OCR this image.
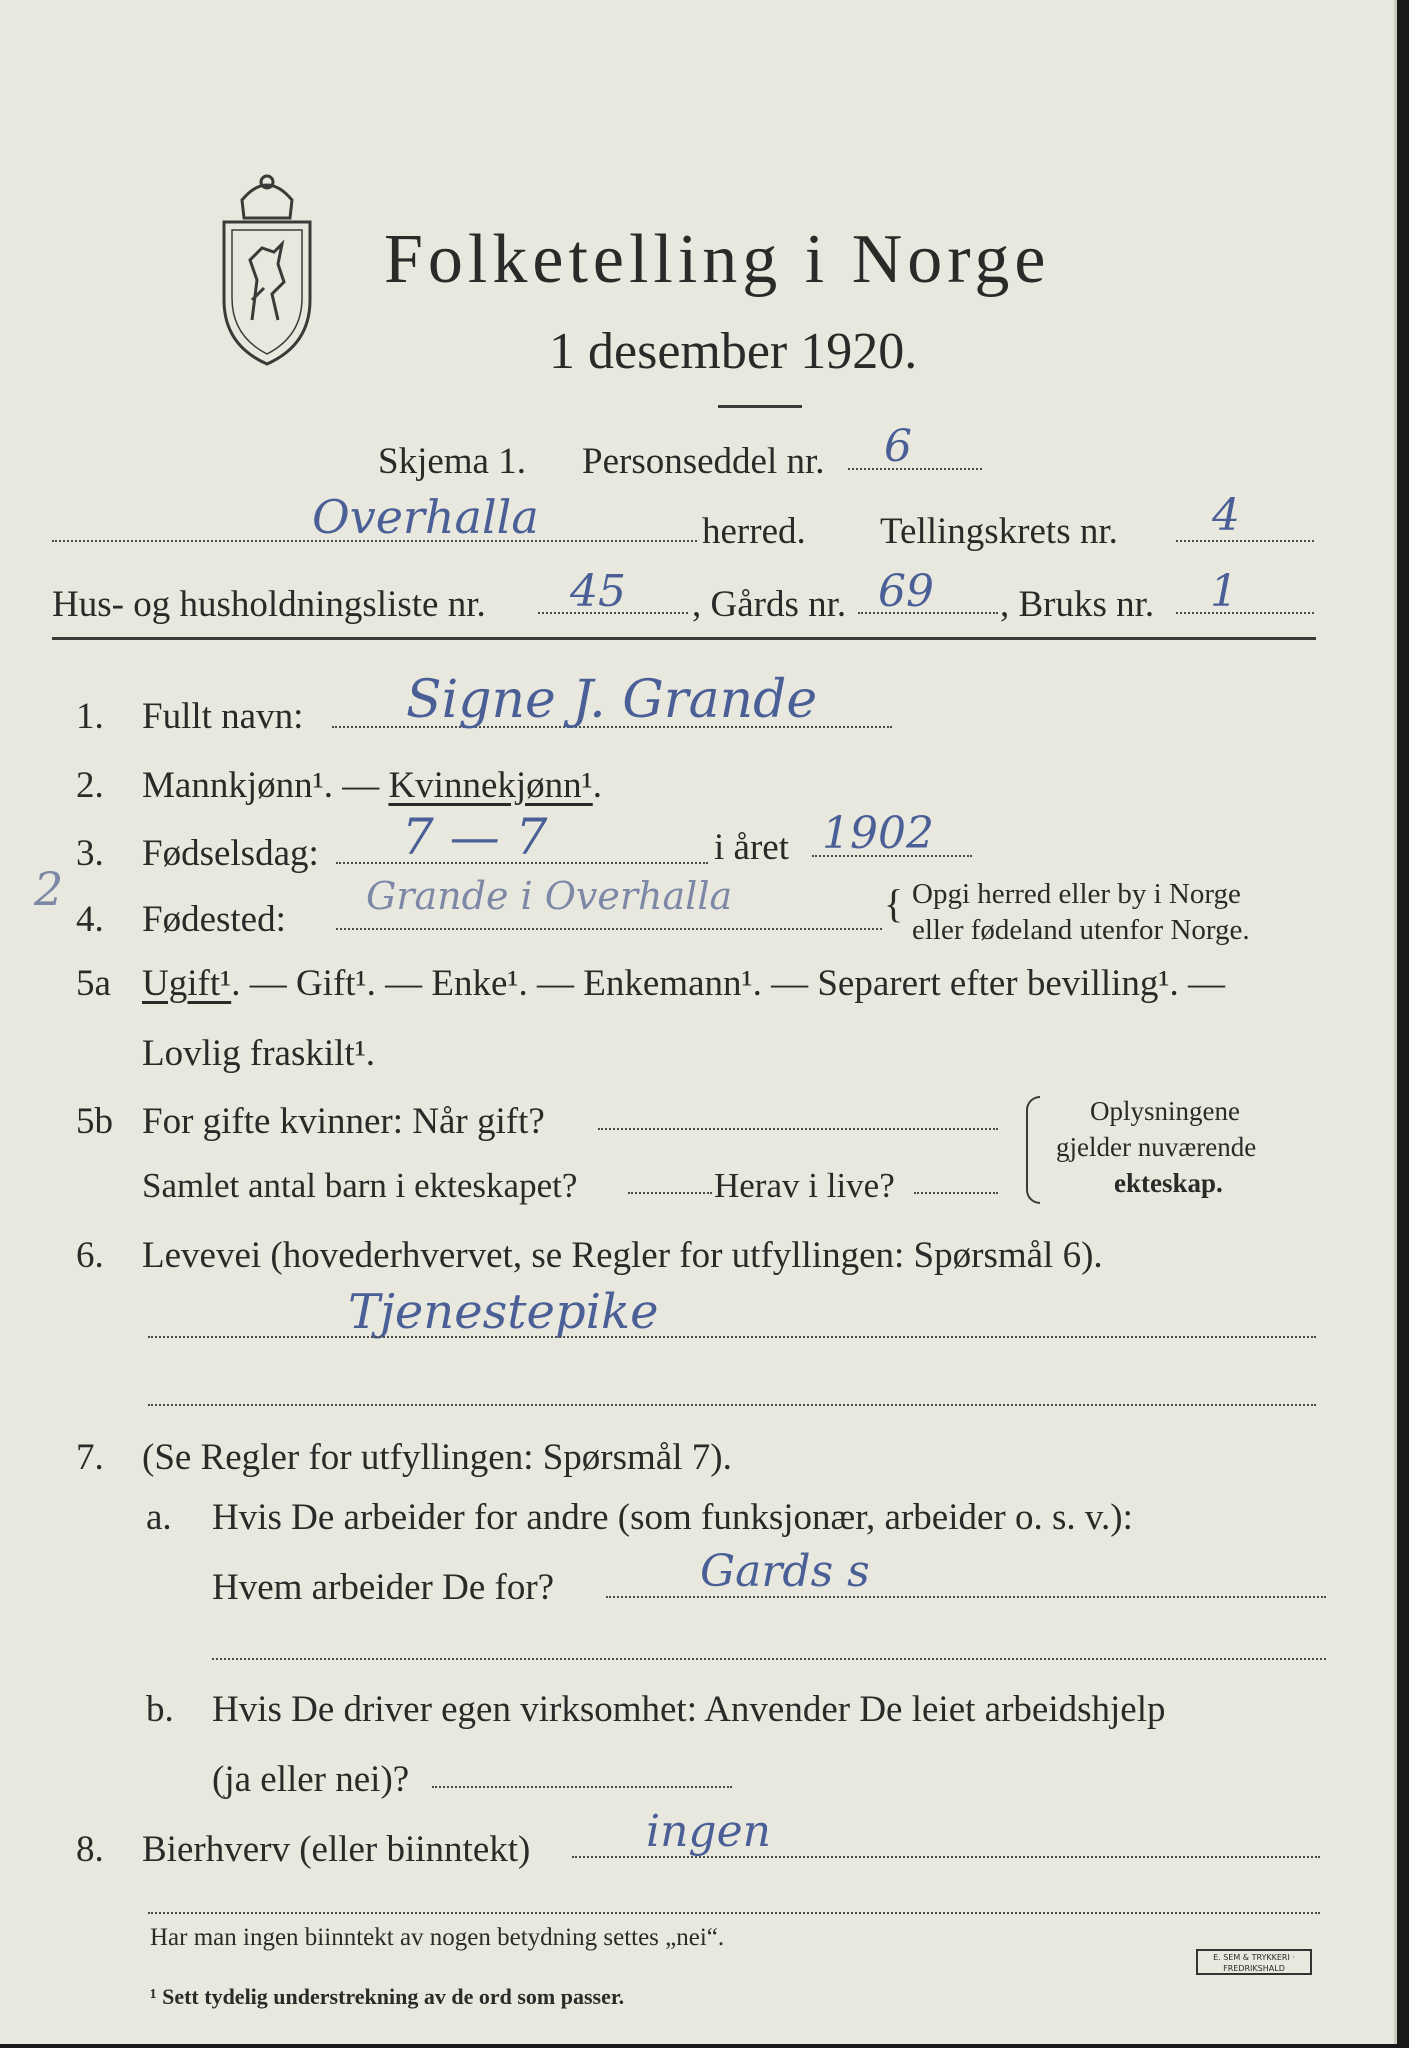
Folketelling i Norge
1 desember 1920.
Skjema 1. Personseddel nr. 6
Overhalla	herred. Tellingskrets nr. 4
Hus- og husholdningsliste nr. 45 , Gårds nr. 69 , Bruks nr. 1
1. Fullt navn: Signe J. Grande
2. Mannkjønn¹. — Kvinnekjønn¹.
3. Fødselsdag: 7 — 7	i året 1902
2
4. Fødested:
Grande i Overhalla	{ Opgi herred eller by i Norge
eller fødeland utenfor Norge.
5a Ugift¹. — Gift¹. — Enke¹. — Enkemann¹. — Separert efter bevilling¹. —
Lovlig fraskilt¹.
5b For gifte kvinner: Når gift?
Samlet antal barn i ekteskapet?	Herav i live?
Oplysningene
gjelder nuværende
ekteskap.
6. Levevei (hovederhvervet, se Regler for utfyllingen: Spørsmål 6).
Tjenestepike
7. (Se Regler for utfyllingen: Spørsmål 7).
a. Hvis De arbeider for andre (som funksjonær, arbeider o. s. v.):
Hvem arbeider De for?	Gards s
b. Hvis De driver egen virksomhet: Anvender De leiet arbeidshjelp
(ja eller nei)?
8. Bierhverv (eller biinntekt)	ingen
Har man ingen biinntekt av nogen betydning settes „nei“.
¹ Sett tydelig understrekning av de ord som passer.
E. SEM & TRYKKERI · FREDRIKSHALD
